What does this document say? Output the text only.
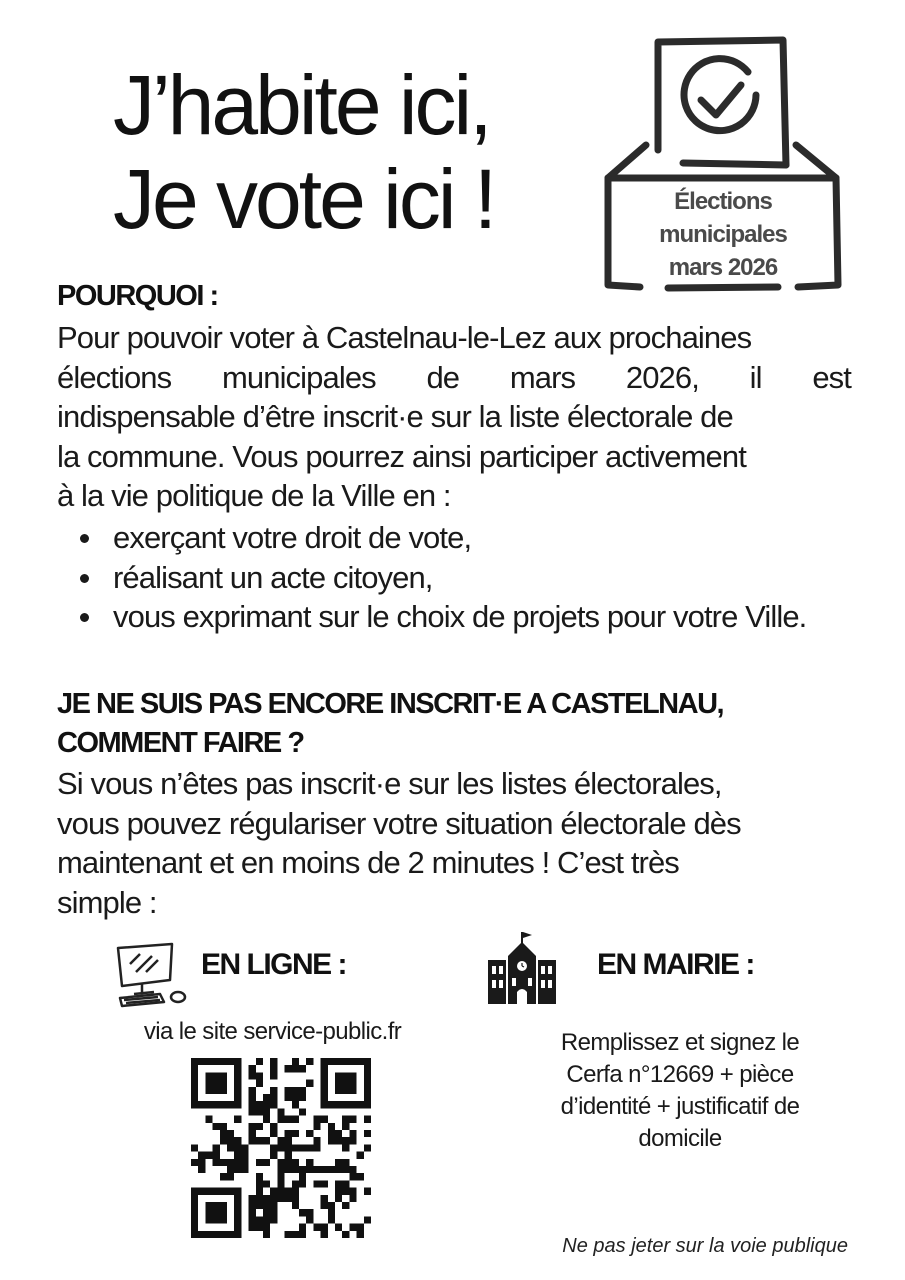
J’habite ici,
Je vote ici !	Élections
municipales
mars 2026
POURQUOI :
Pour pouvoir voter à Castelnau-le-Lez aux prochaines
élections municipales de mars 2026, il est
indispensable d’être inscrit·e sur la liste électorale de
la commune. Vous pourrez ainsi participer activement
à la vie politique de la Ville en :
exerçant votre droit de vote,
réalisant un acte citoyen,
vous exprimant sur le choix de projets pour votre Ville.
JE NE SUIS PAS ENCORE INSCRIT·E A CASTELNAU,
COMMENT FAIRE ?
Si vous n’êtes pas inscrit·e sur les listes électorales,
vous pouvez régulariser votre situation électorale dès
maintenant et en moins de 2 minutes ! C’est très
simple :
EN LIGNE :
via le site service-public.fr
EN MAIRIE :
Remplissez et signez le
Cerfa n°12669 + pièce
d’identité + justificatif de
domicile
Ne pas jeter sur la voie publique
